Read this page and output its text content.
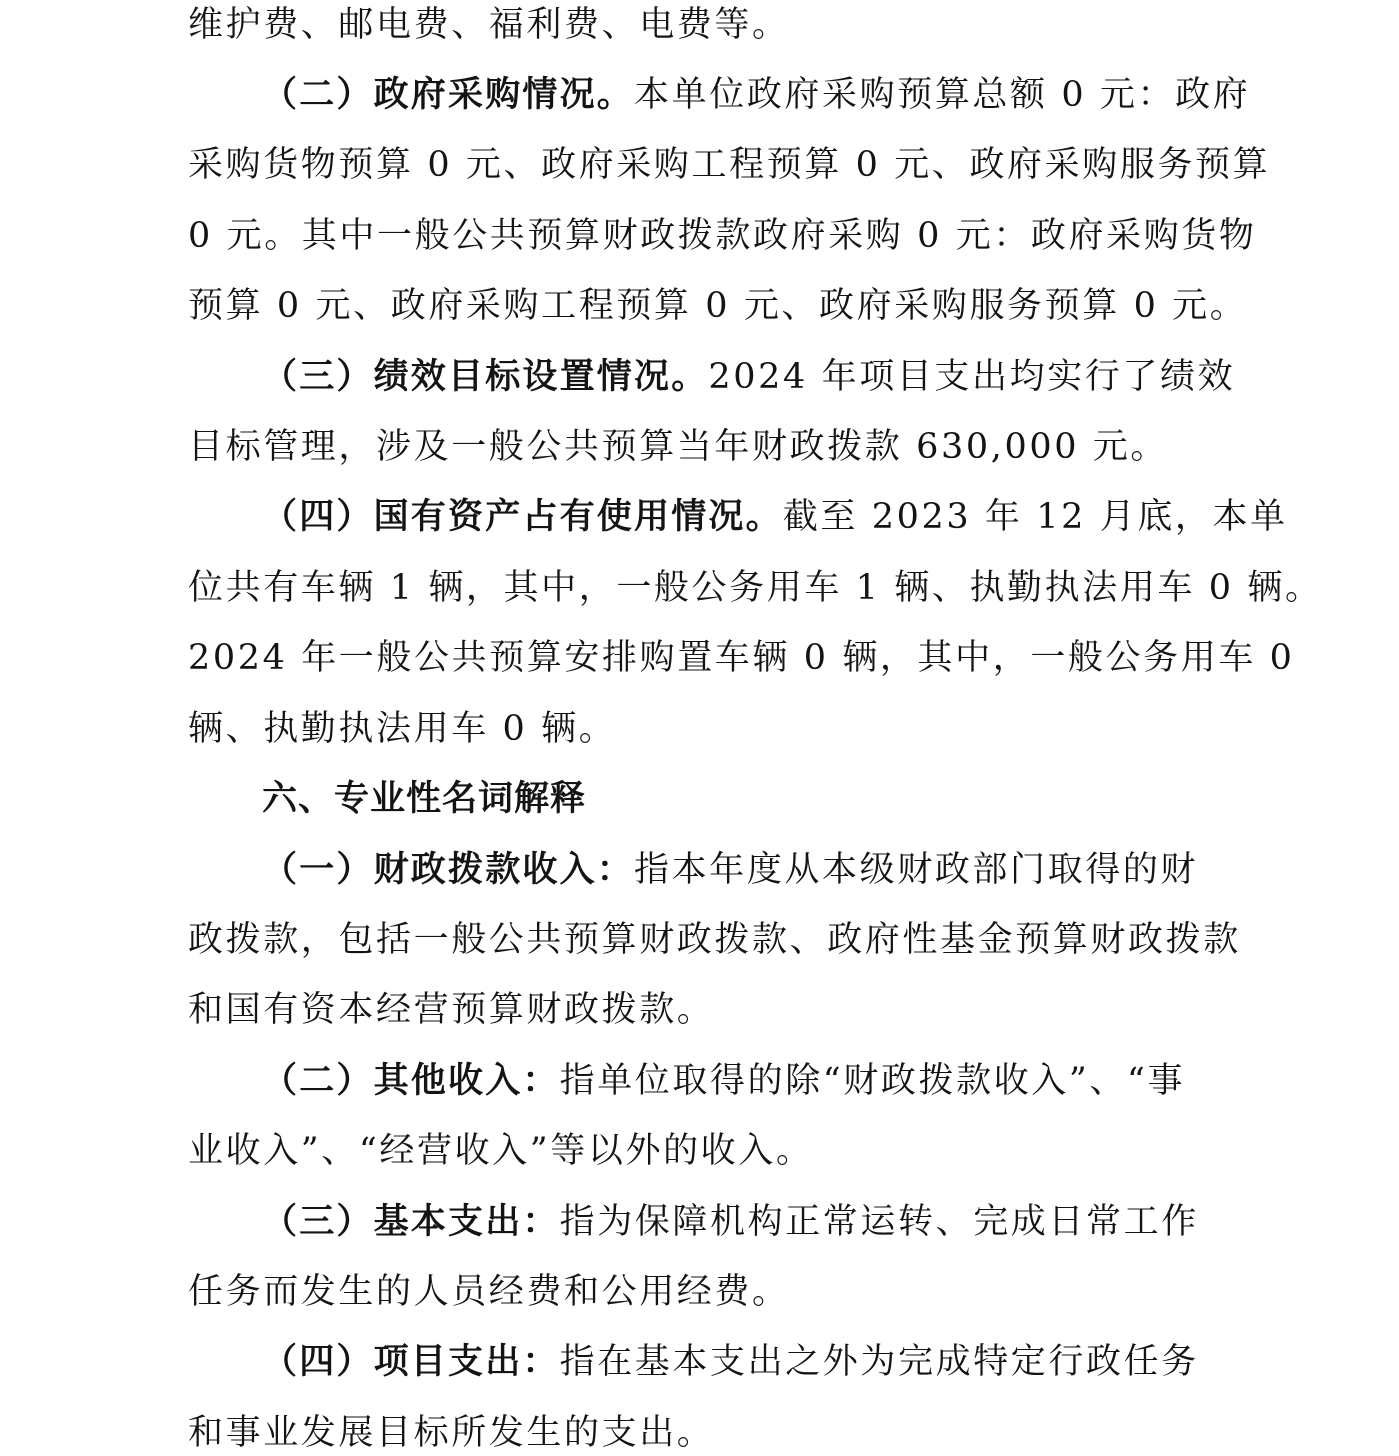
维护费、邮电费、福利费、电费等。
（二）政府采购情况。本单位政府采购预算总额 0 元：政府
采购货物预算 0 元、政府采购工程预算 0 元、政府采购服务预算
0 元。其中一般公共预算财政拨款政府采购 0 元：政府采购货物
预算 0 元、政府采购工程预算 0 元、政府采购服务预算 0 元。
（三）绩效目标设置情况。2024 年项目支出均实行了绩效
目标管理，涉及一般公共预算当年财政拨款 630,000 元。
（四）国有资产占有使用情况。截至 2023 年 12 月底，本单
位共有车辆 1 辆，其中，一般公务用车 1 辆、执勤执法用车 0 辆。
2024 年一般公共预算安排购置车辆 0 辆，其中，一般公务用车 0
辆、执勤执法用车 0 辆。
六、专业性名词解释
（一）财政拨款收入：指本年度从本级财政部门取得的财
政拨款，包括一般公共预算财政拨款、政府性基金预算财政拨款
和国有资本经营预算财政拨款。
（二）其他收入：指单位取得的除“财政拨款收入”、“事
业收入”、“经营收入”等以外的收入。
（三）基本支出：指为保障机构正常运转、完成日常工作
任务而发生的人员经费和公用经费。
（四）项目支出：指在基本支出之外为完成特定行政任务
和事业发展目标所发生的支出。
